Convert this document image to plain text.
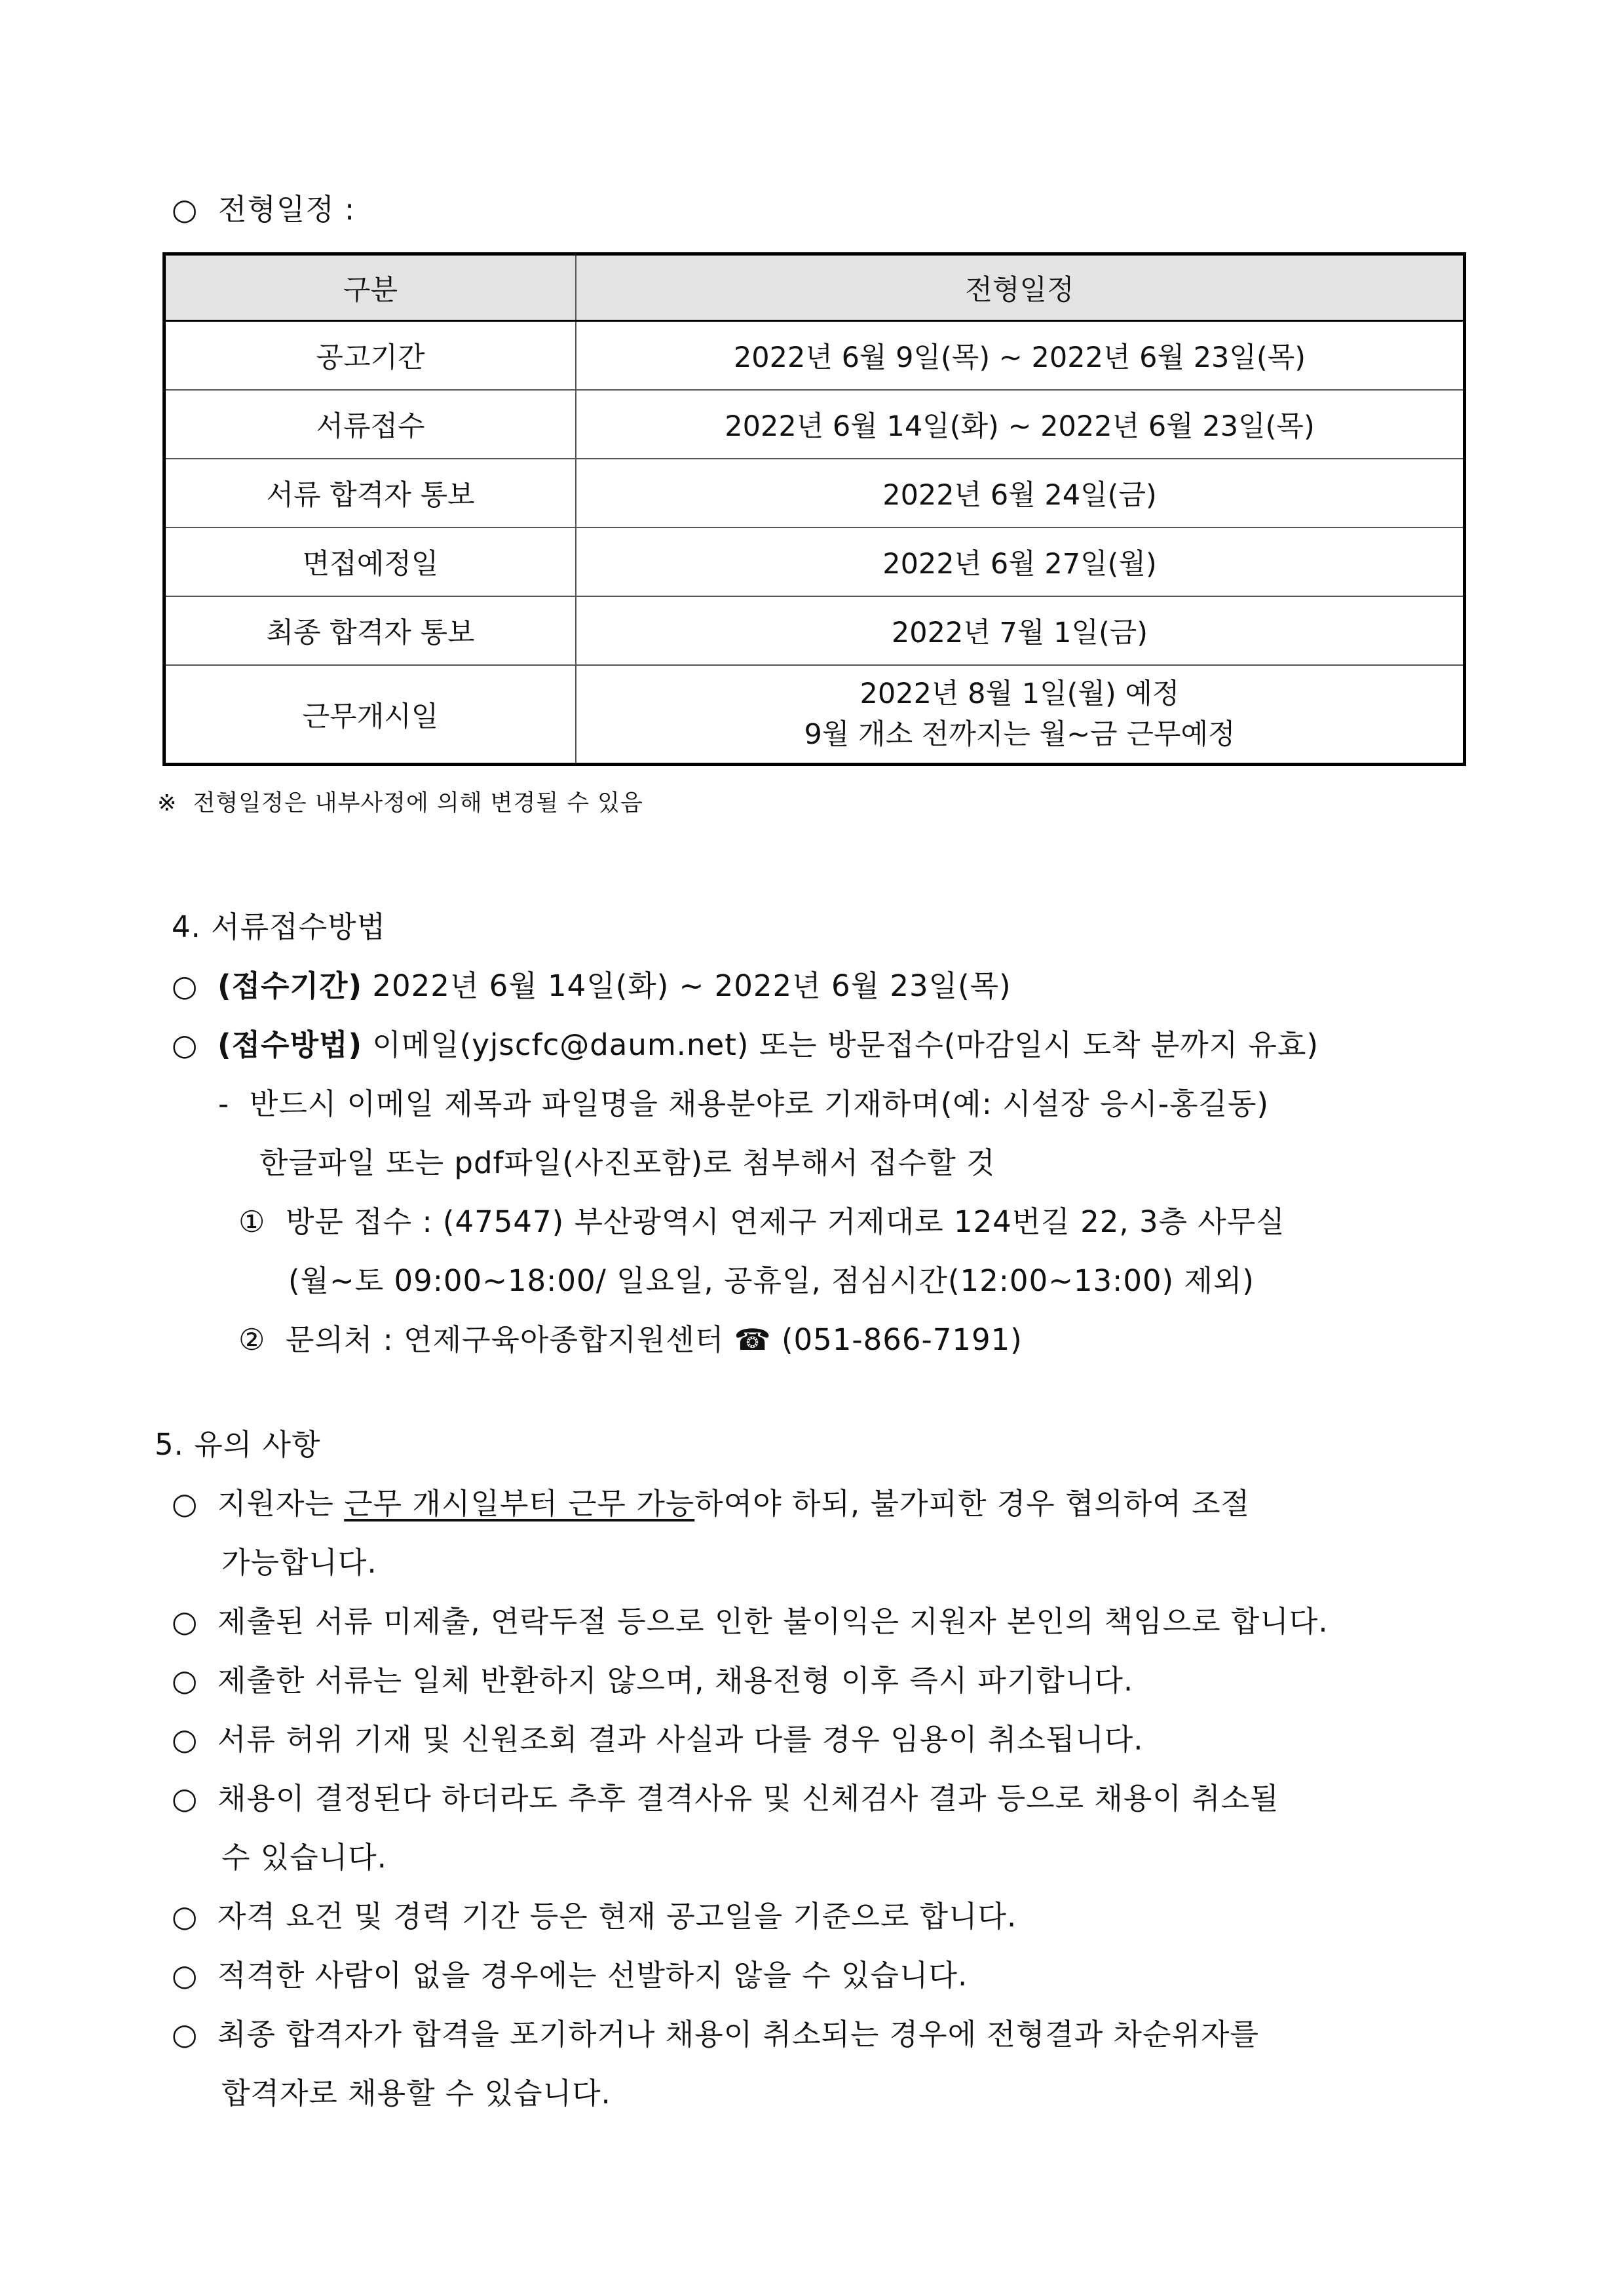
○  전형일정 :
구분	전형일정
공고기간	2022년 6월 9일(목) ~ 2022년 6월 23일(목)
서류접수	2022년 6월 14일(화) ~ 2022년 6월 23일(목)
서류 합격자 통보	2022년 6월 24일(금)
면접예정일	2022년 6월 27일(월)
최종 합격자 통보	2022년 7월 1일(금)
근무개시일	2022년 8월 1일(월) 예정
9월 개소 전까지는 월~금 근무예정
※  전형일정은 내부사정에 의해 변경될 수 있음
4. 서류접수방법
○ (접수기간) 2022년 6월 14일(화) ~ 2022년 6월 23일(목)
○ (접수방법) 이메일(yjscfc@daum.net) 또는 방문접수(마감일시 도착 분까지 유효)
-  반드시 이메일 제목과 파일명을 채용분야로 기재하며(예: 시설장 응시-홍길동)
한글파일 또는 pdf파일(사진포함)로 첨부해서 접수할 것
①  방문 접수 : (47547) 부산광역시 연제구 거제대로 124번길 22, 3층 사무실
(월~토 09:00~18:00/ 일요일, 공휴일, 점심시간(12:00~13:00) 제외)
②  문의처 : 연제구육아종합지원센터 ☎ (051-866-7191)
5. 유의 사항
○ 지원자는 근무 개시일부터 근무 가능하여야 하되, 불가피한 경우 협의하여 조절
가능합니다.
○ 제출된 서류 미제출, 연락두절 등으로 인한 불이익은 지원자 본인의 책임으로 합니다.
○ 제출한 서류는 일체 반환하지 않으며, 채용전형 이후 즉시 파기합니다.
○ 서류 허위 기재 및 신원조회 결과 사실과 다를 경우 임용이 취소됩니다.
○ 채용이 결정된다 하더라도 추후 결격사유 및 신체검사 결과 등으로 채용이 취소될
수 있습니다.
○ 자격 요건 및 경력 기간 등은 현재 공고일을 기준으로 합니다.
○ 적격한 사람이 없을 경우에는 선발하지 않을 수 있습니다.
○ 최종 합격자가 합격을 포기하거나 채용이 취소되는 경우에 전형결과 차순위자를
합격자로 채용할 수 있습니다.
